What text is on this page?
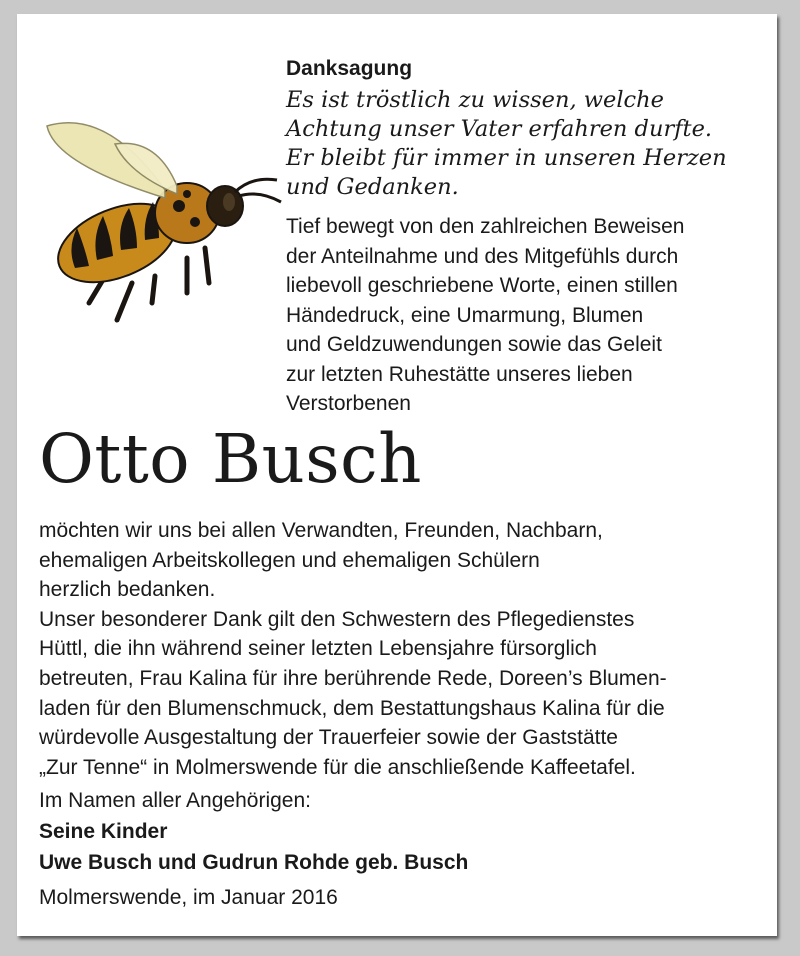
Danksagung
Es ist tröstlich zu wissen, welche
Achtung unser Vater erfahren durfte.
Er bleibt für immer in unseren Herzen
und Gedanken.
Tief bewegt von den zahlreichen Beweisen
der Anteilnahme und des Mitgefühls durch
liebevoll geschriebene Worte, einen stillen
Händedruck, eine Umarmung, Blumen
und Geldzuwendungen sowie das Geleit
zur letzten Ruhestätte unseres lieben
Verstorbenen
Otto Busch
möchten wir uns bei allen Verwandten, Freunden, Nachbarn,
ehemaligen Arbeitskollegen und ehemaligen Schülern
herzlich bedanken.
Unser besonderer Dank gilt den Schwestern des Pflegedienstes
Hüttl, die ihn während seiner letzten Lebensjahre fürsorglich
betreuten, Frau Kalina für ihre berührende Rede, Doreen’s Blumen-
laden für den Blumenschmuck, dem Bestattungshaus Kalina für die
würdevolle Ausgestaltung der Trauerfeier sowie der Gaststätte
„Zur Tenne“ in Molmerswende für die anschließende Kaffeetafel.
Im Namen aller Angehörigen:
Seine Kinder
Uwe Busch und Gudrun Rohde geb. Busch
Molmerswende, im Januar 2016
